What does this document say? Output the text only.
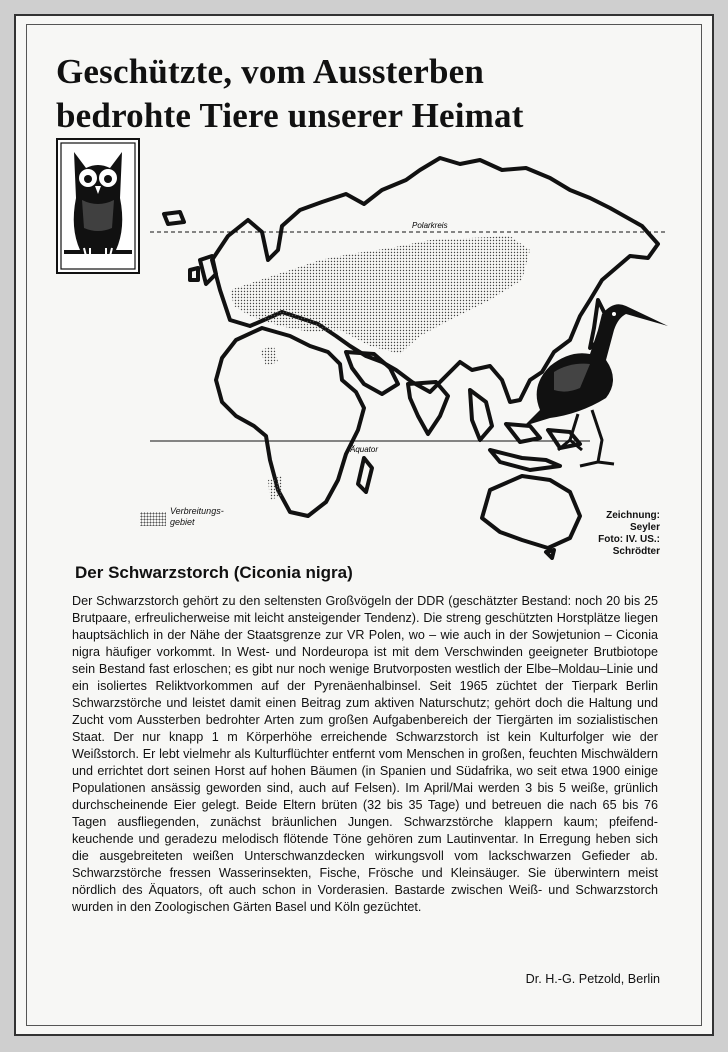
Geschützte, vom Aussterben
bedrohte Tiere unserer Heimat
Polarkreis
Äquator
Verbreitungs-
gebiet
Zeichnung:
Seyler
Foto: IV. US.:
Schrödter
Der Schwarzstorch (Ciconia nigra)

Der Schwarzstorch gehört zu den seltensten Großvögeln der DDR (geschätzter Bestand: noch 20 bis 25 Brutpaare, erfreulicherweise mit leicht ansteigender Tendenz). Die streng geschützten Horstplätze liegen hauptsächlich in der Nähe der Staatsgrenze zur VR Polen, wo – wie auch in der Sowjetunion – Ciconia nigra häufiger vorkommt. In West- und Nordeuropa ist mit dem Verschwinden geeigneter Brutbiotope sein Bestand fast erloschen; es gibt nur noch wenige Brutvorposten westlich der Elbe–Moldau–Linie und ein isoliertes Reliktvorkommen auf der Pyrenäenhalbinsel. Seit 1965 züchtet der Tierpark Berlin Schwarzstörche und leistet damit einen Beitrag zum aktiven Naturschutz; gehört doch die Haltung und Zucht vom Aussterben bedrohter Arten zum großen Aufgabenbereich der Tiergärten im sozialistischen Staat. Der nur knapp 1 m Körperhöhe erreichende Schwarzstorch ist kein Kulturfolger wie der Weißstorch. Er lebt vielmehr als Kulturflüchter entfernt vom Menschen in großen, feuchten Mischwäldern und errichtet dort seinen Horst auf hohen Bäumen (in Spanien und Südafrika, wo seit etwa 1900 einige Populationen ansässig geworden sind, auch auf Felsen). Im April/Mai werden 3 bis 5 weiße, grünlich durchscheinende Eier gelegt. Beide Eltern brüten (32 bis 35 Tage) und betreuen die nach 65 bis 76 Tagen ausfliegenden, zunächst bräunlichen Jungen. Schwarzstörche klappern kaum; pfeifend-keuchende und geradezu melodisch flötende Töne gehören zum Lautinventar. In Erregung heben sich die ausgebreiteten weißen Unterschwanzdecken wirkungsvoll vom lackschwarzen Gefieder ab. Schwarzstörche fressen Wasserinsekten, Fische, Frösche und Kleinsäuger. Sie überwintern meist nördlich des Äquators, oft auch schon in Vorderasien. Bastarde zwischen Weiß- und Schwarzstorch wurden in den Zoologischen Gärten Basel und Köln gezüchtet.

Dr. H.-G. Petzold, Berlin
